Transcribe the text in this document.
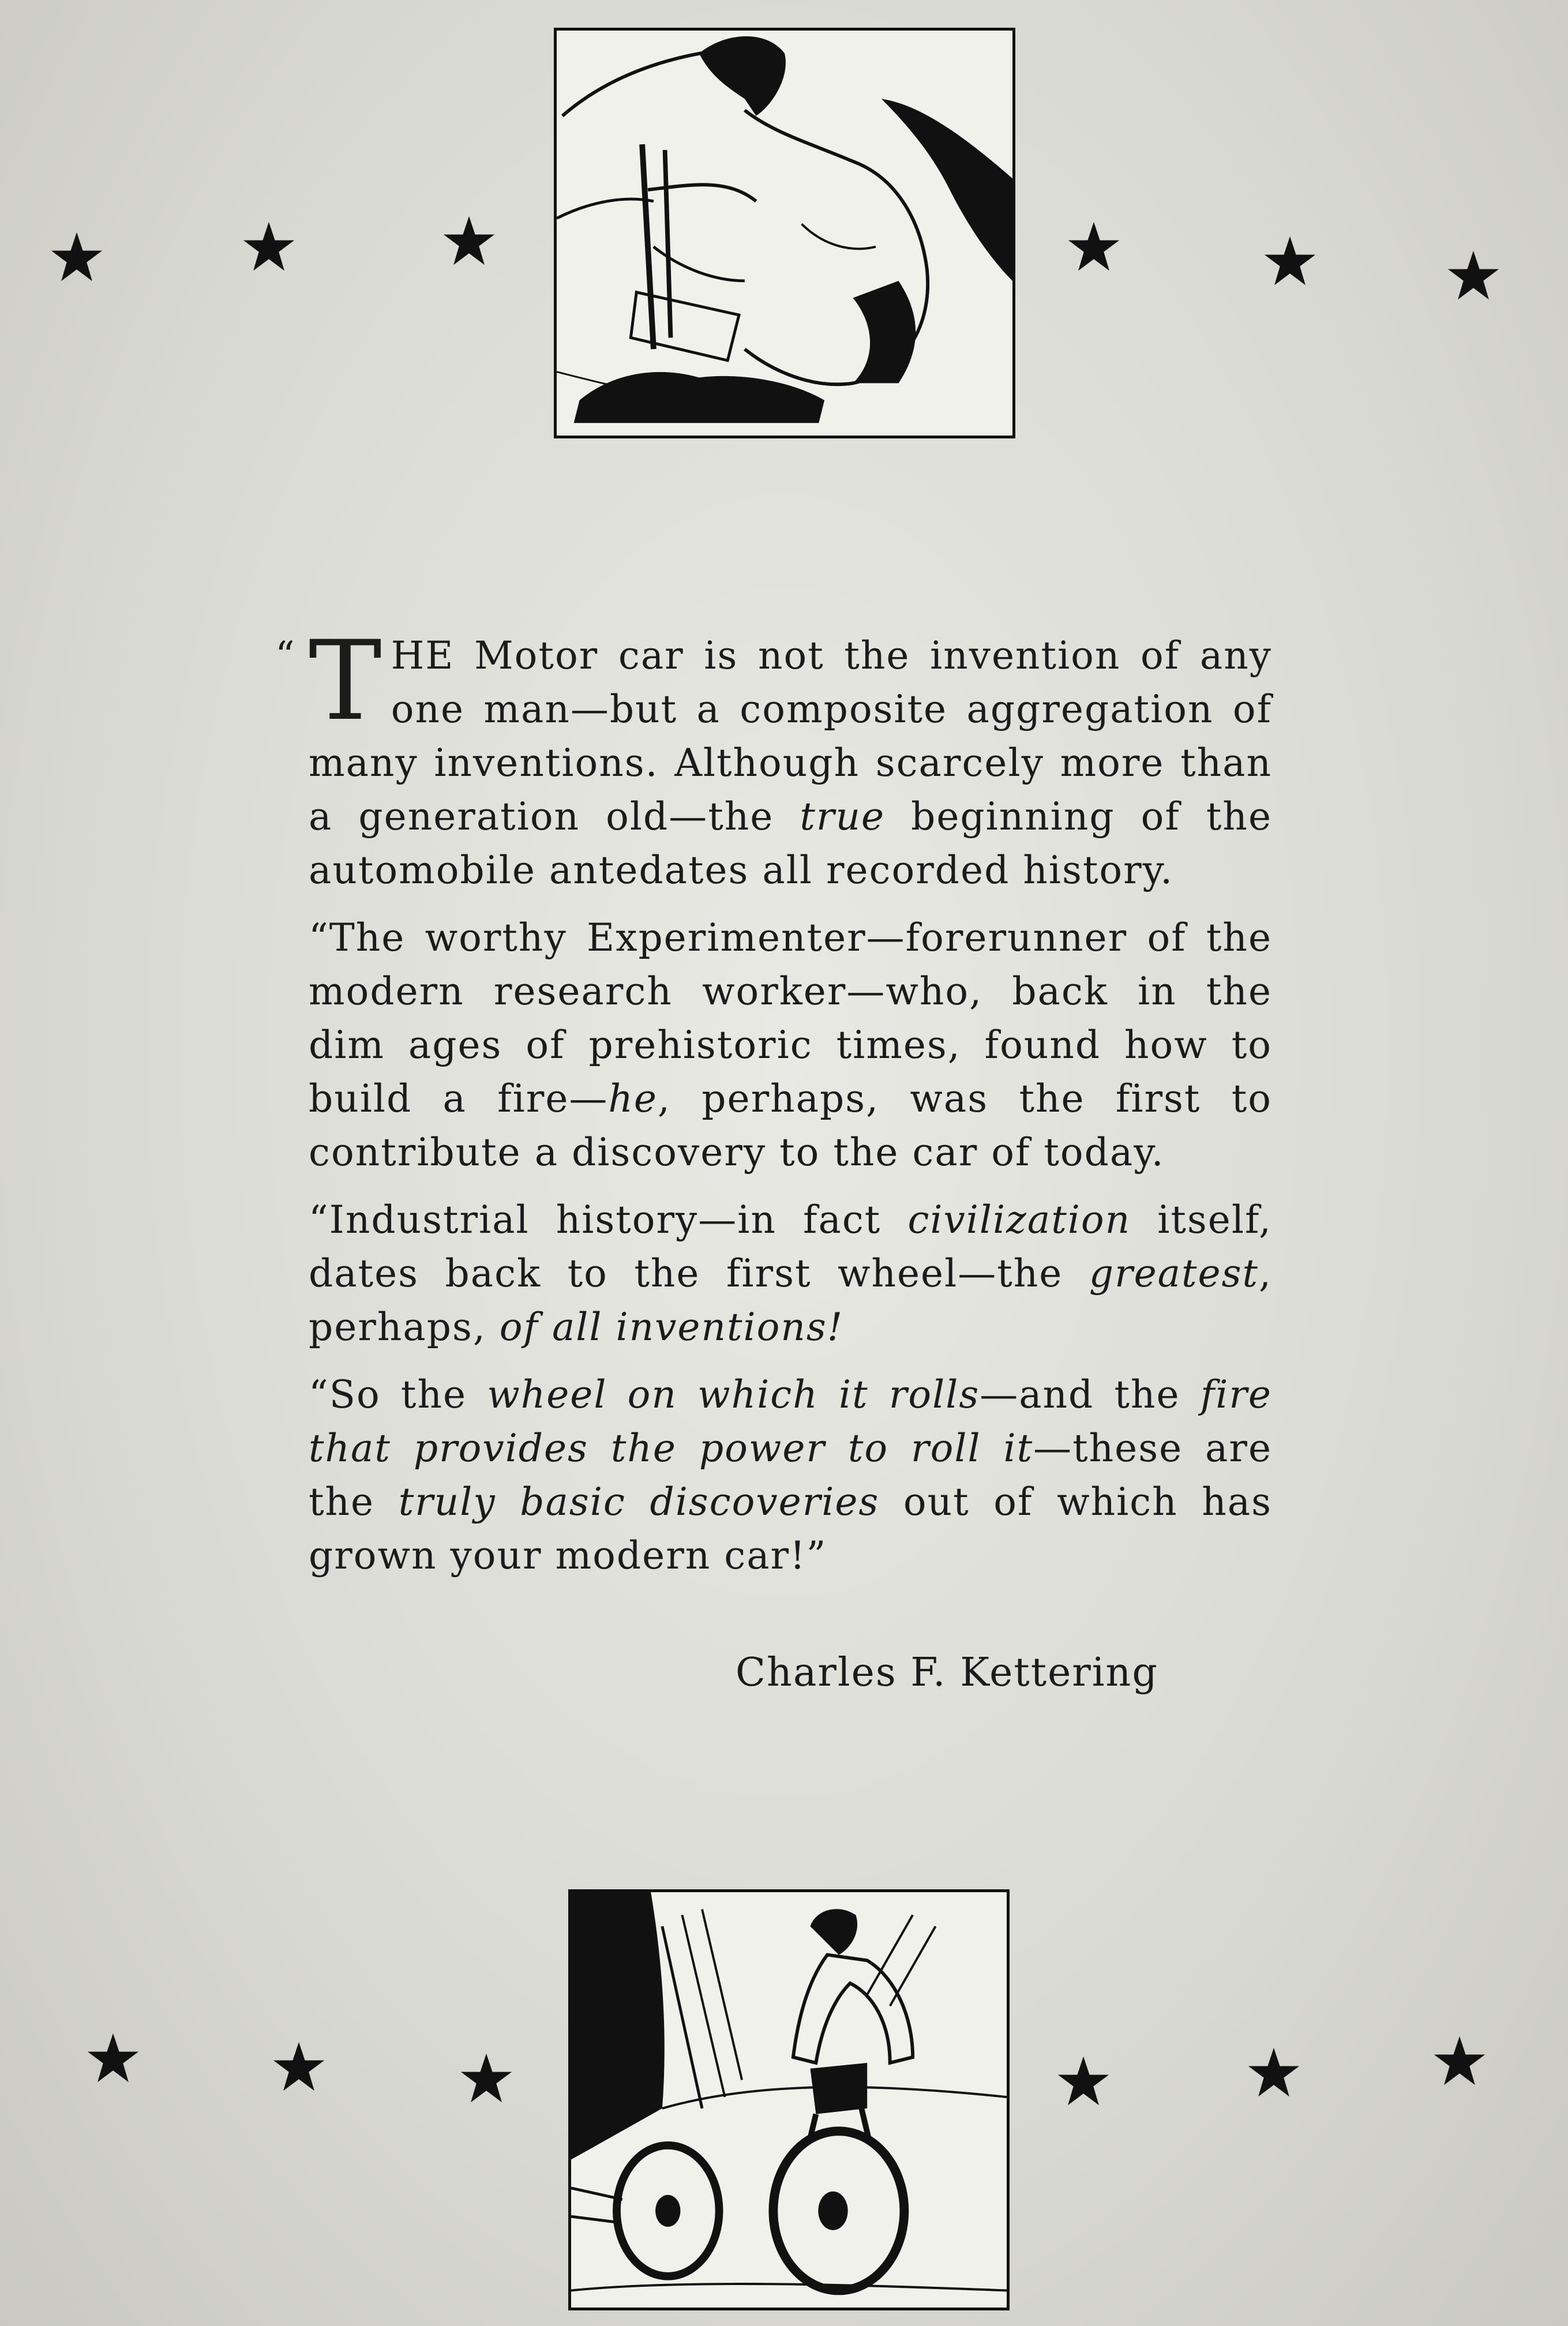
“ THE Motor car is not the invention of any one man—but a composite aggregation of many inventions. Although scarcely more than a generation old—the true beginning of the automobile antedates all recorded history.

“The worthy Experimenter—forerunner of the modern research worker—who, back in the dim ages of prehistoric times, found how to build a fire—he, perhaps, was the first to contribute a discovery to the car of today.

“Industrial history—in fact civilization itself, dates back to the first wheel—the greatest, perhaps, of all inventions!

“So the wheel on which it rolls—and the fire that provides the power to roll it—these are the truly basic discoveries out of which has grown your modern car!”

Charles F. Kettering
